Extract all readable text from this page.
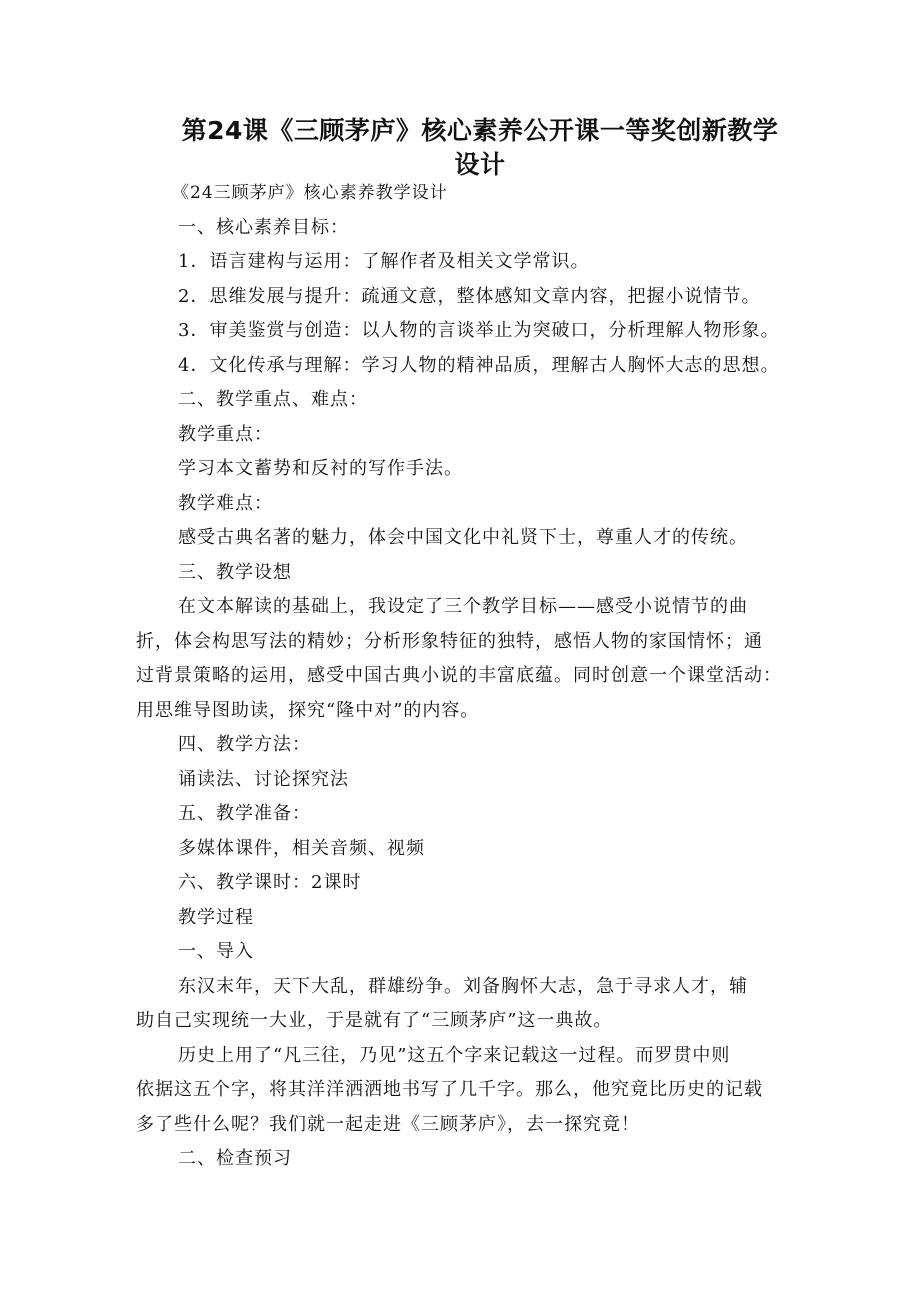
第24课《三顾茅庐》核心素养公开课一等奖创新教学
设计
《24三顾茅庐》核心素养教学设计
一、核心素养目标：
1．语言建构与运用：了解作者及相关文学常识。
2．思维发展与提升：疏通文意，整体感知文章内容，把握小说情节。
3．审美鉴赏与创造：以人物的言谈举止为突破口，分析理解人物形象。
4．文化传承与理解：学习人物的精神品质，理解古人胸怀大志的思想。
二、教学重点、难点：
教学重点：
学习本文蓄势和反衬的写作手法。
教学难点：
感受古典名著的魅力，体会中国文化中礼贤下士，尊重人才的传统。
三、教学设想
在文本解读的基础上，我设定了三个教学目标——感受小说情节的曲
折，体会构思写法的精妙；分析形象特征的独特，感悟人物的家国情怀；通
过背景策略的运用，感受中国古典小说的丰富底蕴。同时创意一个课堂活动：
用思维导图助读，探究“隆中对”的内容。
四、教学方法：
诵读法、讨论探究法
五、教学准备：
多媒体课件，相关音频、视频
六、教学课时：2课时
教学过程
一、导入
东汉末年，天下大乱，群雄纷争。刘备胸怀大志，急于寻求人才，辅
助自己实现统一大业，于是就有了“三顾茅庐”这一典故。
历史上用了“凡三往，乃见”这五个字来记载这一过程。而罗贯中则
依据这五个字，将其洋洋洒洒地书写了几千字。那么，他究竟比历史的记载
多了些什么呢？我们就一起走进《三顾茅庐》，去一探究竟！
二、检查预习
